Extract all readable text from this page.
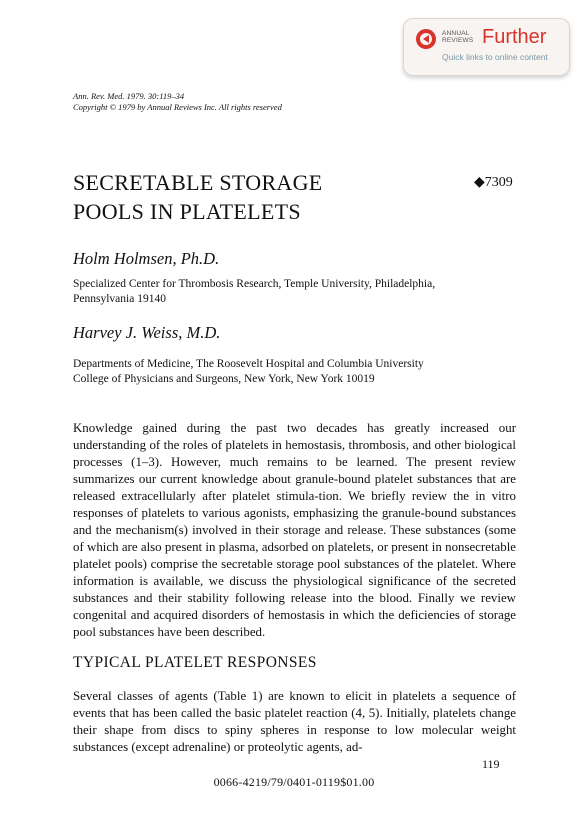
ANNUAL
REVIEWS Further
Quick links to online content
Ann. Rev. Med. 1979. 30:119–34
Copyright © 1979 by Annual Reviews Inc. All rights reserved
SECRETABLE STORAGE
POOLS IN PLATELETS
◆7309
Holm Holmsen, Ph.D.
Specialized Center for Thrombosis Research, Temple University, Philadelphia,
Pennsylvania 19140
Harvey J. Weiss, M.D.
Departments of Medicine, The Roosevelt Hospital and Columbia University
College of Physicians and Surgeons, New York, New York 10019

Knowledge gained during the past two decades has greatly increased our understanding of the roles of platelets in hemostasis, thrombosis, and other biological processes (1–3). However, much remains to be learned. The present review summarizes our current knowledge about granule-bound platelet substances that are released extracellularly after platelet stimula-tion. We briefly review the in vitro responses of platelets to various agonists, emphasizing the granule-bound substances and the mechanism(s) involved in their storage and release. These substances (some of which are also present in plasma, adsorbed on platelets, or present in nonsecretable platelet pools) comprise the secretable storage pool substances of the platelet. Where information is available, we discuss the physiological significance of the secreted substances and their stability following release into the blood. Finally we review congenital and acquired disorders of hemostasis in which the deficiencies of storage pool substances have been described.

TYPICAL PLATELET RESPONSES

Several classes of agents (Table 1) are known to elicit in platelets a sequence of events that has been called the basic platelet reaction (4, 5). Initially, platelets change their shape from discs to spiny spheres in response to low molecular weight substances (except adrenaline) or proteolytic agents, ad-

119
0066-4219/79/0401-0119$01.00
